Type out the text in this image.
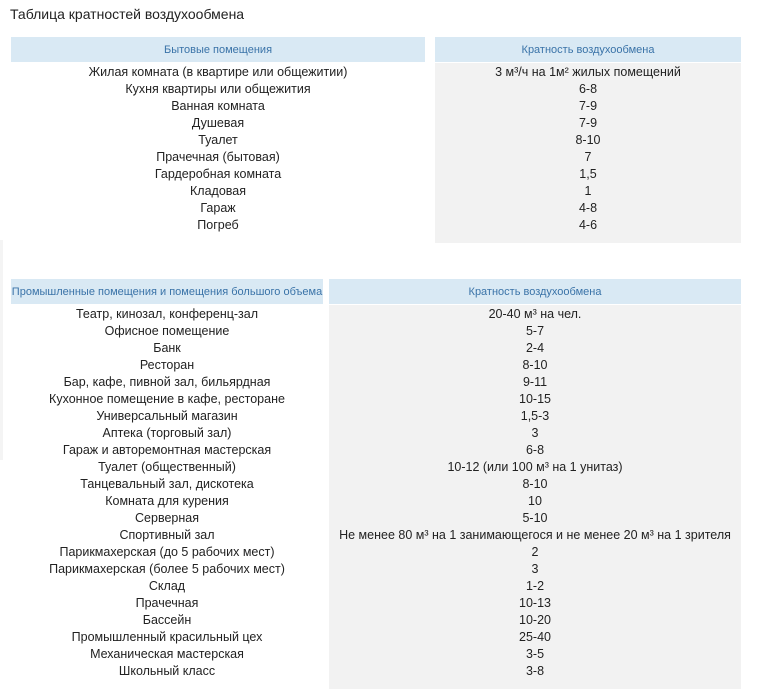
Таблица кратностей воздухообмена
Бытовые помещения		Кратность воздухообмена
Жилая комната (в квартире или общежитии)		3 м³/ч на 1м² жилых помещений
Кухня квартиры или общежития		6-8
Ванная комната		7-9
Душевая		7-9
Туалет		8-10
Прачечная (бытовая)		7
Гардеробная комната		1,5
Кладовая		1
Гараж		4-8
Погреб		4-6

Промышленные помещения и помещения большого объема		Кратность воздухообмена
Театр, кинозал, конференц-зал		20-40 м³ на чел.
Офисное помещение		5-7
Банк		2-4
Ресторан		8-10
Бар, кафе, пивной зал, бильярдная		9-11
Кухонное помещение в кафе, ресторане		10-15
Универсальный магазин		1,5-3
Аптека (торговый зал)		3
Гараж и авторемонтная мастерская		6-8
Туалет (общественный)		10-12 (или 100 м³ на 1 унитаз)
Танцевальный зал, дискотека		8-10
Комната для курения		10
Серверная		5-10
Спортивный зал		Не менее 80 м³ на 1 занимающегося и не менее 20 м³ на 1 зрителя
Парикмахерская (до 5 рабочих мест)		2
Парикмахерская (более 5 рабочих мест)		3
Склад		1-2
Прачечная		10-13
Бассейн		10-20
Промышленный красильный цех		25-40
Механическая мастерская		3-5
Школьный класс		3-8
